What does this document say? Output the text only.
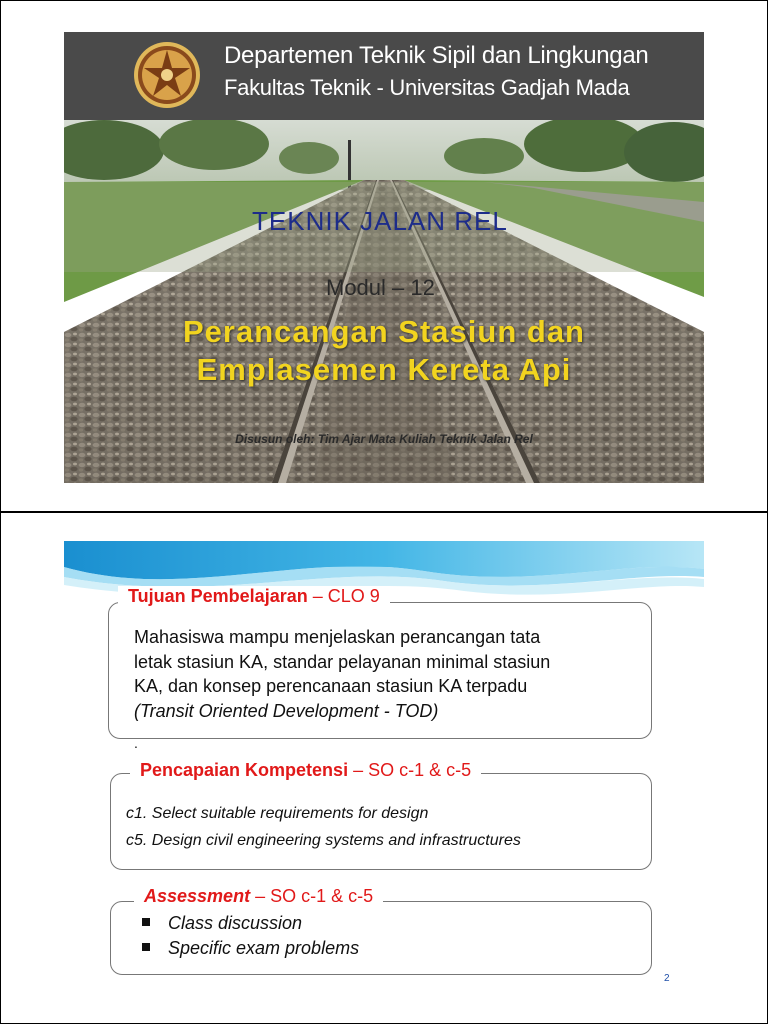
Departemen Teknik Sipil dan Lingkungan
Fakultas Teknik - Universitas Gadjah Mada
TEKNIK JALAN REL
Modul – 12
Perancangan Stasiun dan
Emplasemen Kereta Api
Disusun oleh: Tim Ajar Mata Kuliah Teknik Jalan Rel
Tujuan Pembelajaran – CLO 9
Mahasiswa mampu menjelaskan perancangan tata
letak stasiun KA, standar pelayanan minimal stasiun
KA, dan konsep perencanaan stasiun KA terpadu
(Transit Oriented Development - TOD)
.
Pencapaian Kompetensi – SO c-1 & c-5
c1. Select suitable requirements for design
c5. Design civil engineering systems and infrastructures
Assessment – SO c-1 & c-5
Class discussion
Specific exam problems
2
